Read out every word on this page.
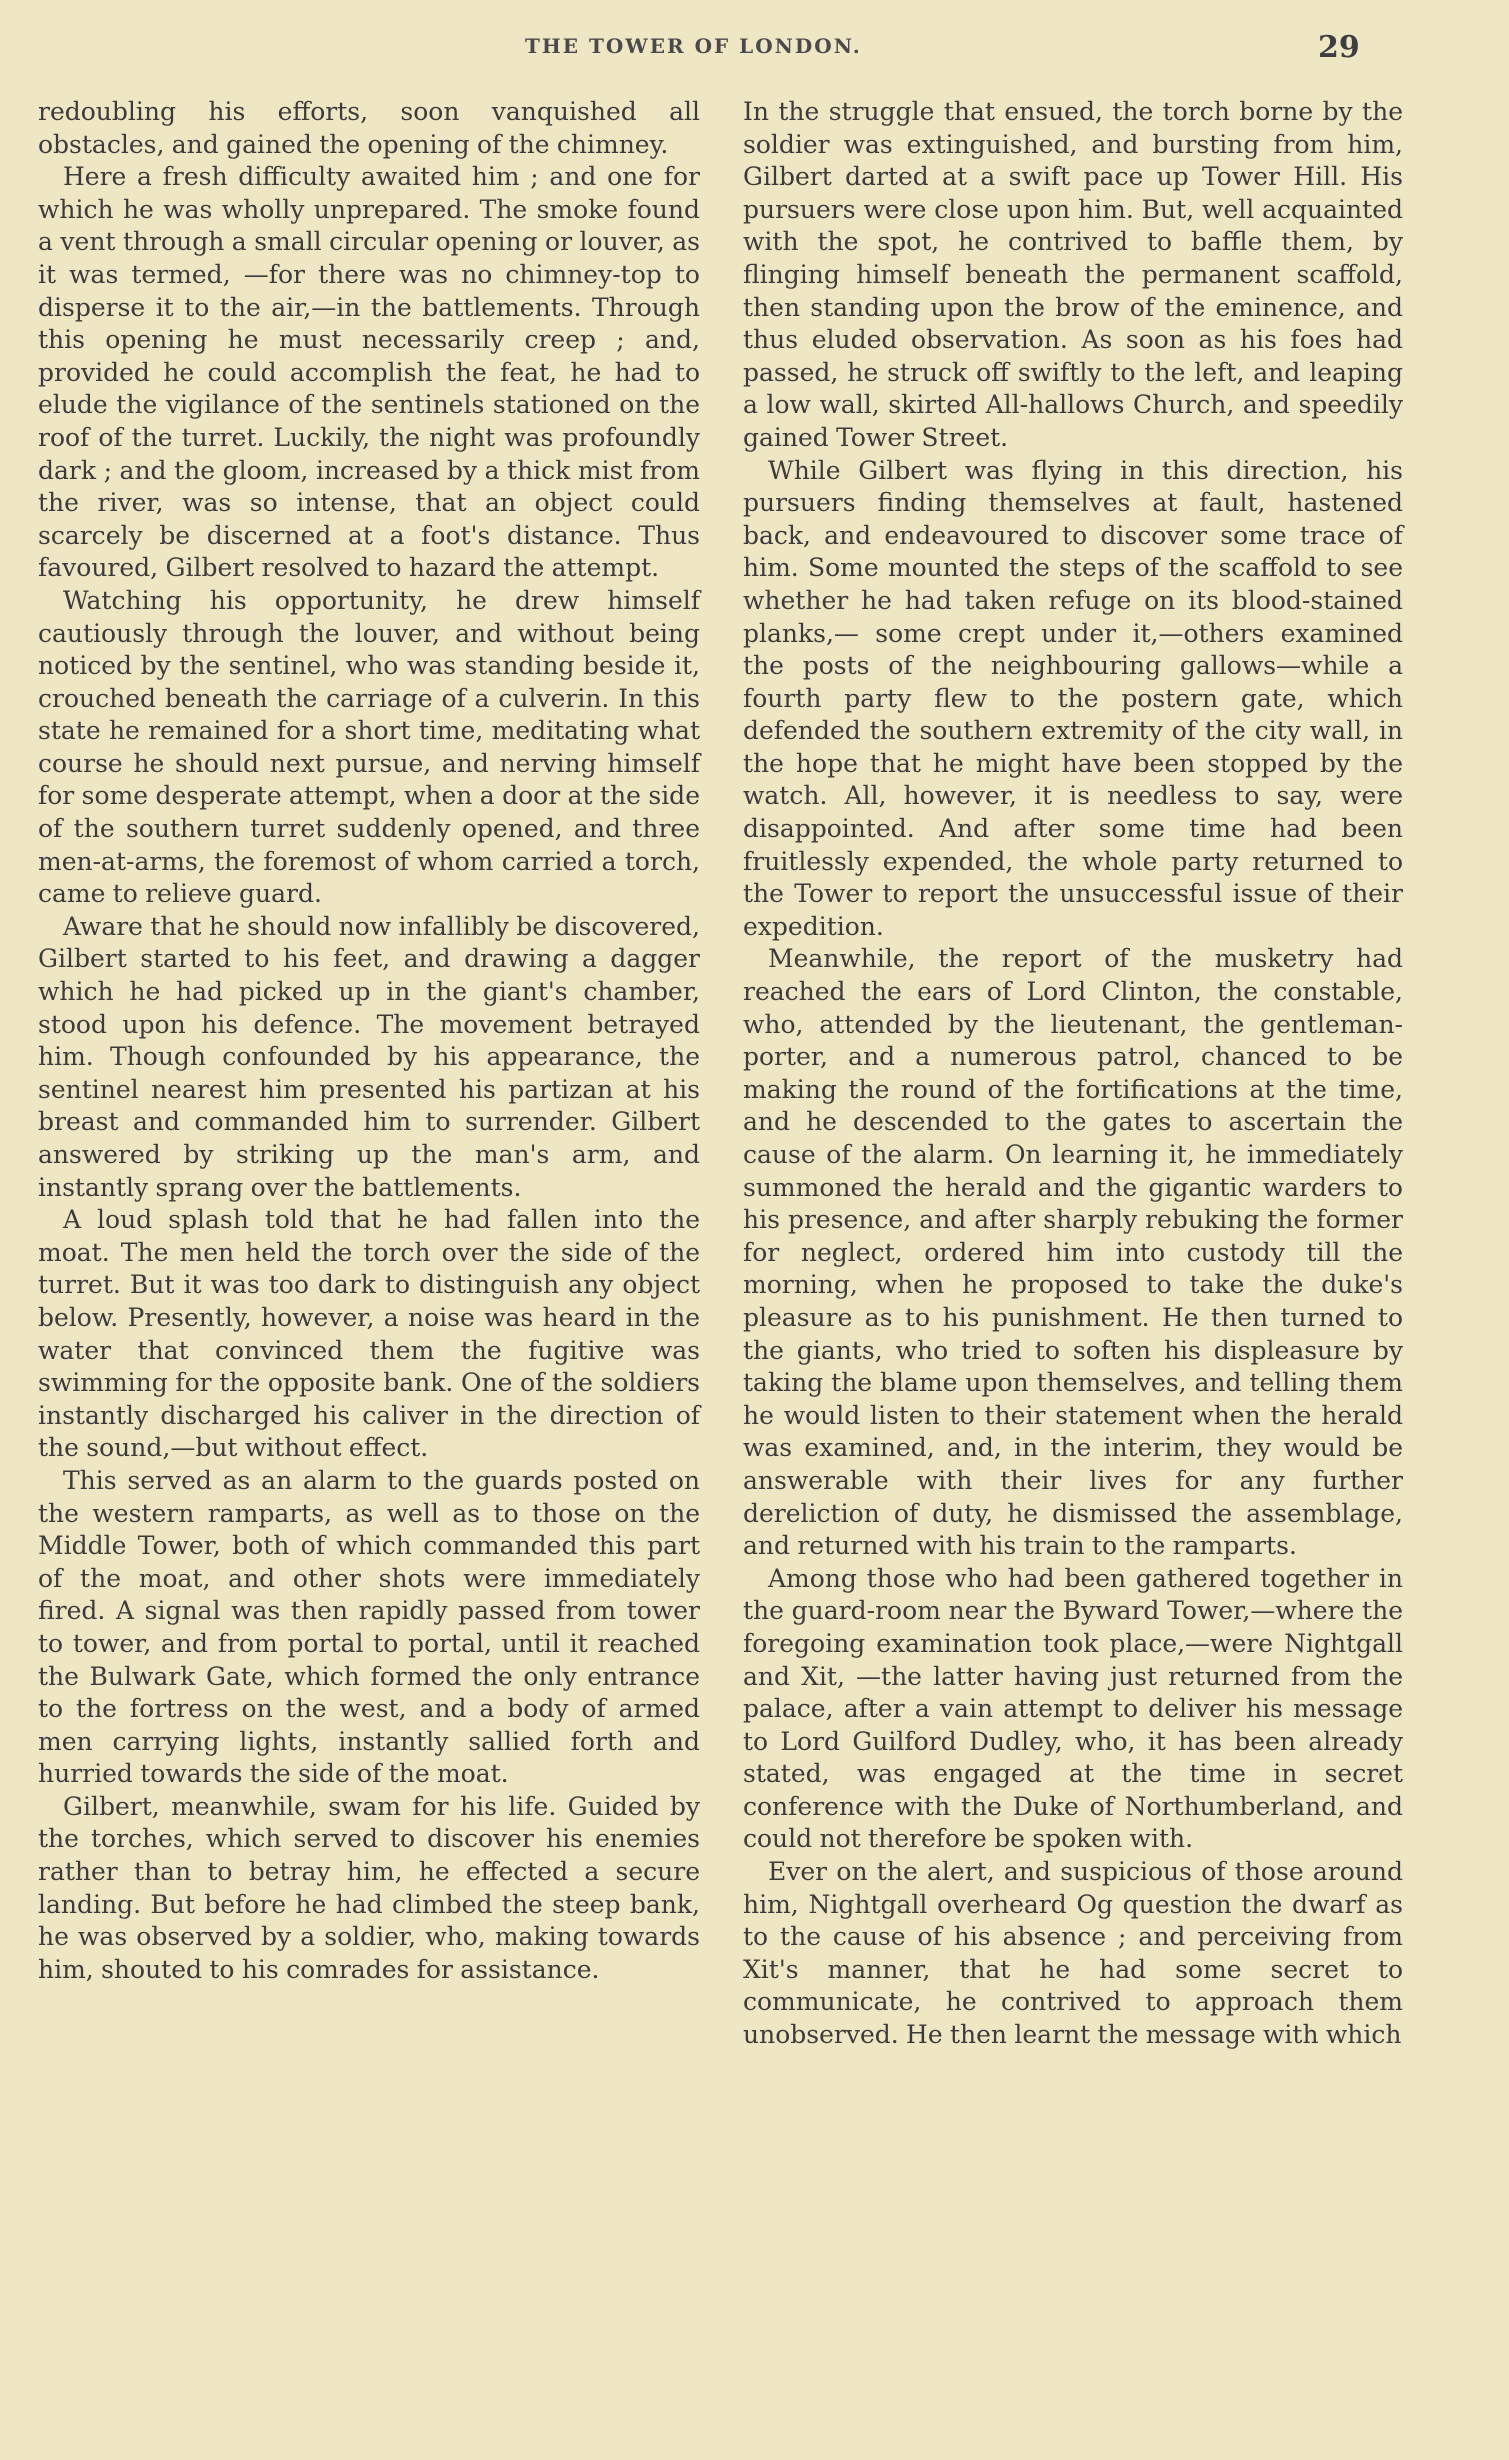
THE TOWER OF LONDON.	29

redoubling his efforts, soon vanquished all obstacles, and gained the opening of the chimney.

Here a fresh difficulty awaited him ; and one for which he was wholly unprepared. The smoke found a vent through a small circular opening or louver, as it was termed, —for there was no chimney-top to disperse it to the air,—in the battlements. Through this opening he must necessarily creep ; and, provided he could accomplish the feat, he had to elude the vigilance of the sentinels stationed on the roof of the turret. Luckily, the night was profoundly dark ; and the gloom, increased by a thick mist from the river, was so intense, that an object could scarcely be discerned at a foot's distance. Thus favoured, Gilbert resolved to hazard the attempt.

Watching his opportunity, he drew himself cautiously through the louver, and without being noticed by the sentinel, who was standing beside it, crouched beneath the carriage of a culverin. In this state he remained for a short time, meditating what course he should next pursue, and nerving himself for some desperate attempt, when a door at the side of the southern turret suddenly opened, and three men-at-arms, the foremost of whom carried a torch, came to relieve guard.

Aware that he should now infallibly be discovered, Gilbert started to his feet, and drawing a dagger which he had picked up in the giant's chamber, stood upon his defence. The movement betrayed him. Though confounded by his appearance, the sentinel nearest him presented his partizan at his breast and commanded him to surrender. Gilbert answered by striking up the man's arm, and instantly sprang over the battlements.

A loud splash told that he had fallen into the moat. The men held the torch over the side of the turret. But it was too dark to distinguish any object below. Presently, however, a noise was heard in the water that convinced them the fugitive was swimming for the opposite bank. One of the soldiers instantly discharged his caliver in the direction of the sound,—but without effect.

This served as an alarm to the guards posted on the western ramparts, as well as to those on the Middle Tower, both of which commanded this part of the moat, and other shots were immediately fired. A signal was then rapidly passed from tower to tower, and from portal to portal, until it reached the Bulwark Gate, which formed the only entrance to the fortress on the west, and a body of armed men carrying lights, instantly sallied forth and hurried towards the side of the moat.

Gilbert, meanwhile, swam for his life. Guided by the torches, which served to discover his enemies rather than to betray him, he effected a secure landing. But before he had climbed the steep bank, he was observed by a soldier, who, making towards him, shouted to his comrades for assistance.

In the struggle that ensued, the torch borne by the soldier was extinguished, and bursting from him, Gilbert darted at a swift pace up Tower Hill. His pursuers were close upon him. But, well acquainted with the spot, he contrived to baffle them, by flinging himself beneath the permanent scaffold, then standing upon the brow of the eminence, and thus eluded observation. As soon as his foes had passed, he struck off swiftly to the left, and leaping a low wall, skirted All-hallows Church, and speedily gained Tower Street.

While Gilbert was flying in this direction, his pursuers finding themselves at fault, hastened back, and endeavoured to discover some trace of him. Some mounted the steps of the scaffold to see whether he had taken refuge on its blood-stained planks,— some crept under it,—others examined the posts of the neighbouring gallows—while a fourth party flew to the postern gate, which defended the southern extremity of the city wall, in the hope that he might have been stopped by the watch. All, however, it is needless to say, were disappointed. And after some time had been fruitlessly expended, the whole party returned to the Tower to report the unsuccessful issue of their expedition.

Meanwhile, the report of the musketry had reached the ears of Lord Clinton, the constable, who, attended by the lieutenant, the gentleman-porter, and a numerous patrol, chanced to be making the round of the fortifications at the time, and he descended to the gates to ascertain the cause of the alarm. On learning it, he immediately summoned the herald and the gigantic warders to his presence, and after sharply rebuking the former for neglect, ordered him into custody till the morning, when he proposed to take the duke's pleasure as to his punishment. He then turned to the giants, who tried to soften his displeasure by taking the blame upon themselves, and telling them he would listen to their statement when the herald was examined, and, in the interim, they would be answerable with their lives for any further dereliction of duty, he dismissed the assemblage, and returned with his train to the ramparts.

Among those who had been gathered together in the guard-room near the Byward Tower,—where the foregoing examination took place,—were Nightgall and Xit, —the latter having just returned from the palace, after a vain attempt to deliver his message to Lord Guilford Dudley, who, it has been already stated, was engaged at the time in secret conference with the Duke of Northumberland, and could not therefore be spoken with.

Ever on the alert, and suspicious of those around him, Nightgall overheard Og question the dwarf as to the cause of his absence ; and perceiving from Xit's manner, that he had some secret to communicate, he contrived to approach them unobserved. He then learnt the message with which
